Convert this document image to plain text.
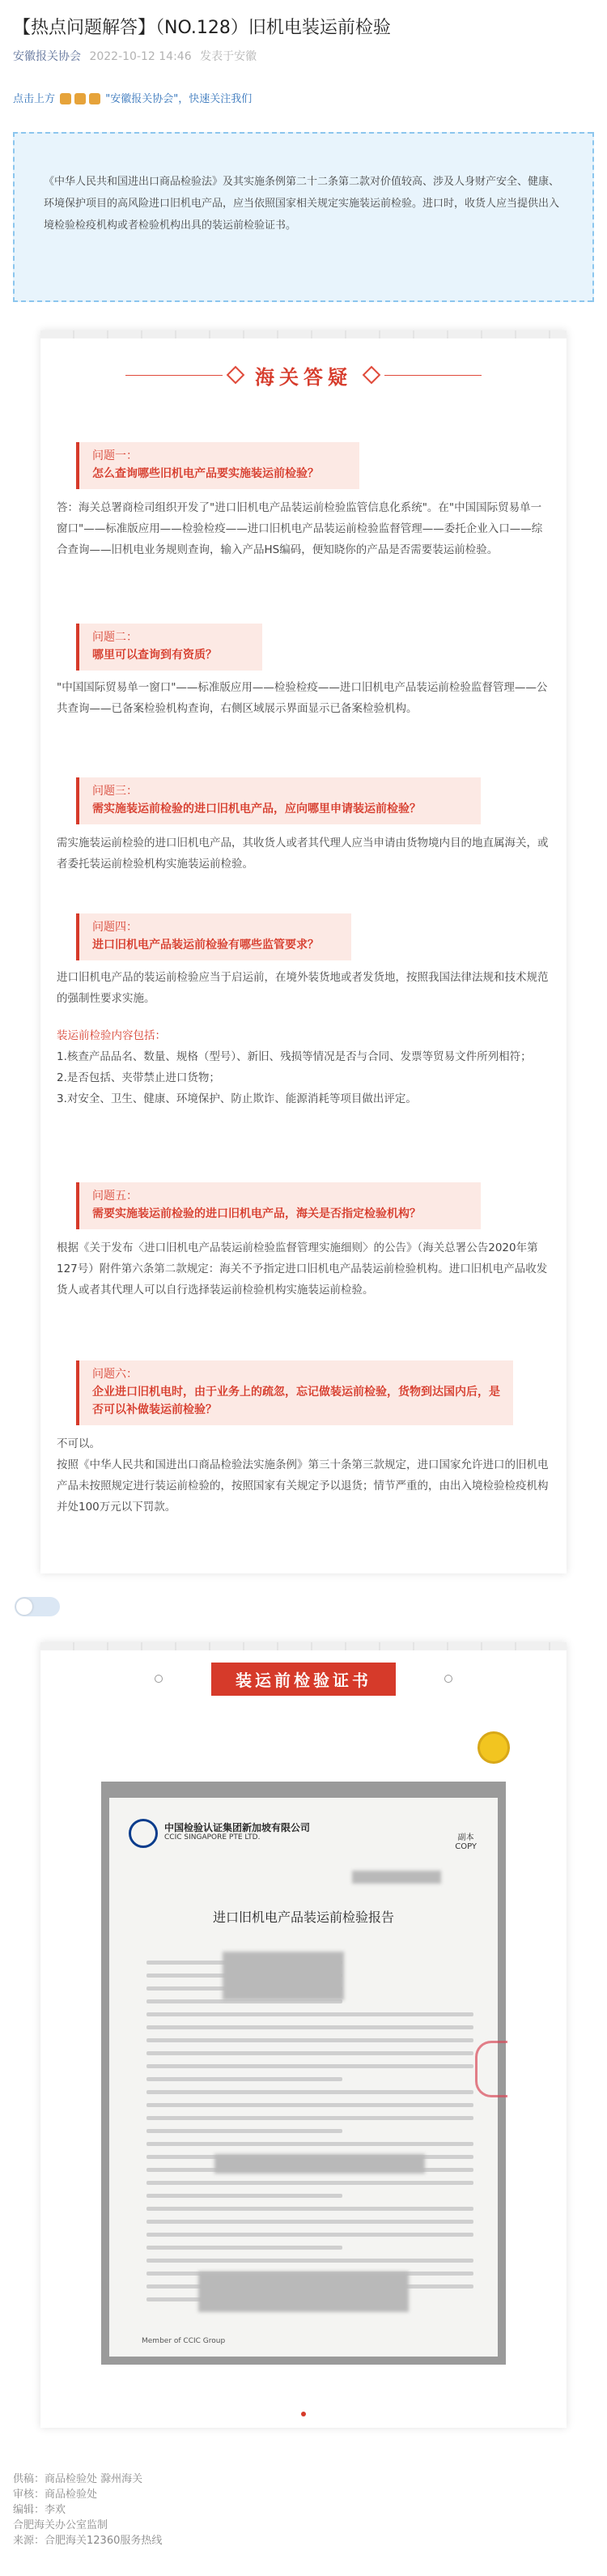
【热点问题解答】（NO.128）旧机电装运前检验
安徽报关协会 2022-10-12 14:46 发表于安徽
点击上方	"安徽报关协会"，快速关注我们

《中华人民共和国进出口商品检验法》及其实施条例第二十二条第二款对价值较高、涉及人身财产安全、健康、环境保护项目的高风险进口旧机电产品，应当依照国家相关规定实施装运前检验。进口时，收货人应当提供出入境检验检疫机构或者检验机构出具的装运前检验证书。

海关答疑
问题一：
怎么查询哪些旧机电产品要实施装运前检验？
答：海关总署商检司组织开发了"进口旧机电产品装运前检验监管信息化系统"。在"中国国际贸易单一窗口"——标准版应用——检验检疫——进口旧机电产品装运前检验监督管理——委托企业入口——综合查询——旧机电业务规则查询，输入产品HS编码，便知晓你的产品是否需要装运前检验。
问题二：
哪里可以查询到有资质？
"中国国际贸易单一窗口"——标准版应用——检验检疫——进口旧机电产品装运前检验监督管理——公共查询——已备案检验机构查询，右侧区域展示界面显示已备案检验机构。
问题三：
需实施装运前检验的进口旧机电产品，应向哪里申请装运前检验？
需实施装运前检验的进口旧机电产品，其收货人或者其代理人应当申请由货物境内目的地直属海关，或者委托装运前检验机构实施装运前检验。
问题四：
进口旧机电产品装运前检验有哪些监管要求？
进口旧机电产品的装运前检验应当于启运前，在境外装货地或者发货地，按照我国法律法规和技术规范的强制性要求实施。
装运前检验内容包括：
1.核查产品品名、数量、规格（型号）、新旧、残损等情况是否与合同、发票等贸易文件所列相符；
2.是否包括、夹带禁止进口货物；
3.对安全、卫生、健康、环境保护、防止欺诈、能源消耗等项目做出评定。
问题五：
需要实施装运前检验的进口旧机电产品，海关是否指定检验机构？
根据《关于发布〈进口旧机电产品装运前检验监督管理实施细则〉的公告》（海关总署公告2020年第127号）附件第六条第二款规定：海关不予指定进口旧机电产品装运前检验机构。进口旧机电产品收发货人或者其代理人可以自行选择装运前检验机构实施装运前检验。
问题六：
企业进口旧机电时，由于业务上的疏忽，忘记做装运前检验，货物到达国内后，是否可以补做装运前检验？
不可以。
按照《中华人民共和国进出口商品检验法实施条例》第三十条第三款规定，进口国家允许进口的旧机电产品未按照规定进行装运前检验的，按照国家有关规定予以退货；情节严重的，由出入境检验检疫机构并处100万元以下罚款。
装运前检验证书
中国检验认证集团新加坡有限公司
CCIC SINGAPORE PTE LTD.	副本
COPY
进口旧机电产品装运前检验报告
Member of CCIC Group
供稿：商品检验处 滁州海关
审核：商品检验处
编辑：李欢
合肥海关办公室监制
来源：合肥海关12360服务热线
